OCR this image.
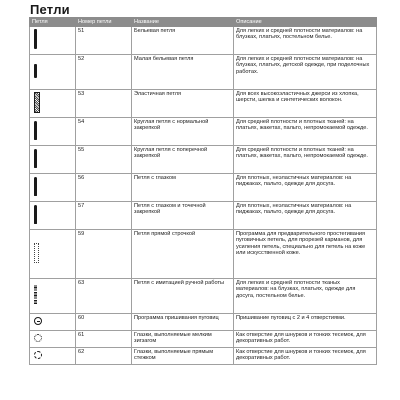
Петли
Петля	Номер петли	Название	Описание
	51	Бельевая петля	Для легких и средней плотности материалов: на блузках, платьях, постельном белье.
	52	Малая бельевая петля	Для легких и средней плотности материалов: на блузках, платьях, детской одежде, при поделочных работах.
	53	Эластичная петля	Для всех высокоэластичных джерси из хлопка, шерсти, шелка и синтетических волокон.
	54	Круглая петля с нормальной закрепкой	Для средней плотности и плотных тканей: на платьях, жакетах, пальто, непромокаемой одежде.
	55	Круглая петля с поперечной закрепкой	Для средней плотности и плотных тканей: на платьях, жакетах, пальто, непромокаемой одежде.
	56	Петля с глазком	Для плотных, неэластичных материалов: на пиджаках, пальто, одежде для досуга.
	57	Петля с глазком и точечной закрепкой	Для плотных, неэластичных материалов: на пиджаках, пальто, одежде для досуга.
	59	Петля прямой строчкой	Программа для предварительного простегивания пуговичных петель, для прорезей карманов, для усиления петель, специально для петель на коже или искусственной коже.
	63	Петля с имитацией ручной работы	Для легких и средней плотности тканых материалов: на блузках, платьях, одежде для досуга, постельном белье.
	60	Программа пришивания пуговиц	Пришивание пуговиц с 2 и 4 отверстиями.
	61	Глазки, выполняемые мелким зигзагом	Как отверстие для шнурков и тонких тесемок, для декоративных работ.
	62	Глазки, выполняемые прямым стежком	Как отверстие для шнурков и тонких тесемок, для декоративных работ.
